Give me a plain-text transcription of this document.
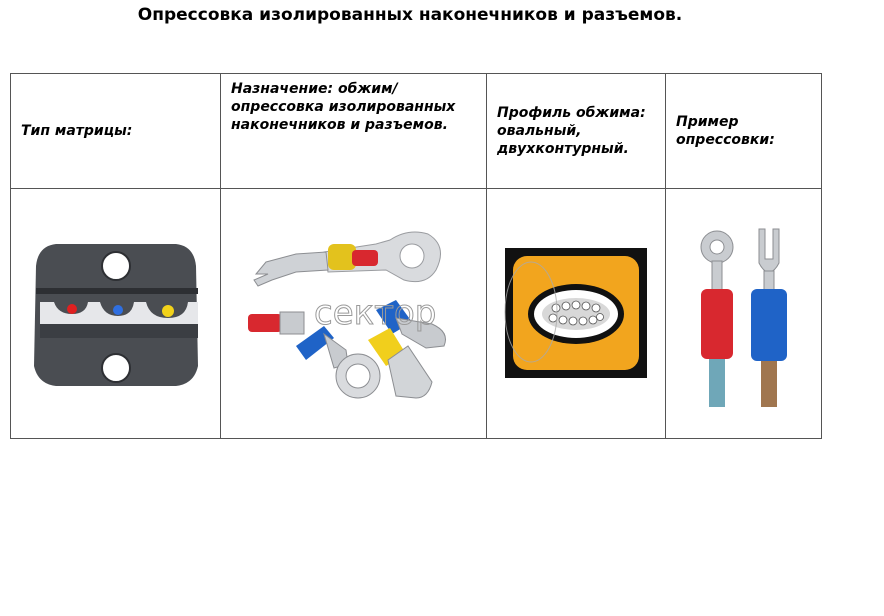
Опрессовка изолированных наконечников и разъемов.
Тип матрицы:	Назначение: обжим/опрессовка изолированных наконечников и разъемов.	Профиль обжима: овальный, двухконтурный.	Пример опрессовки:

сектор
